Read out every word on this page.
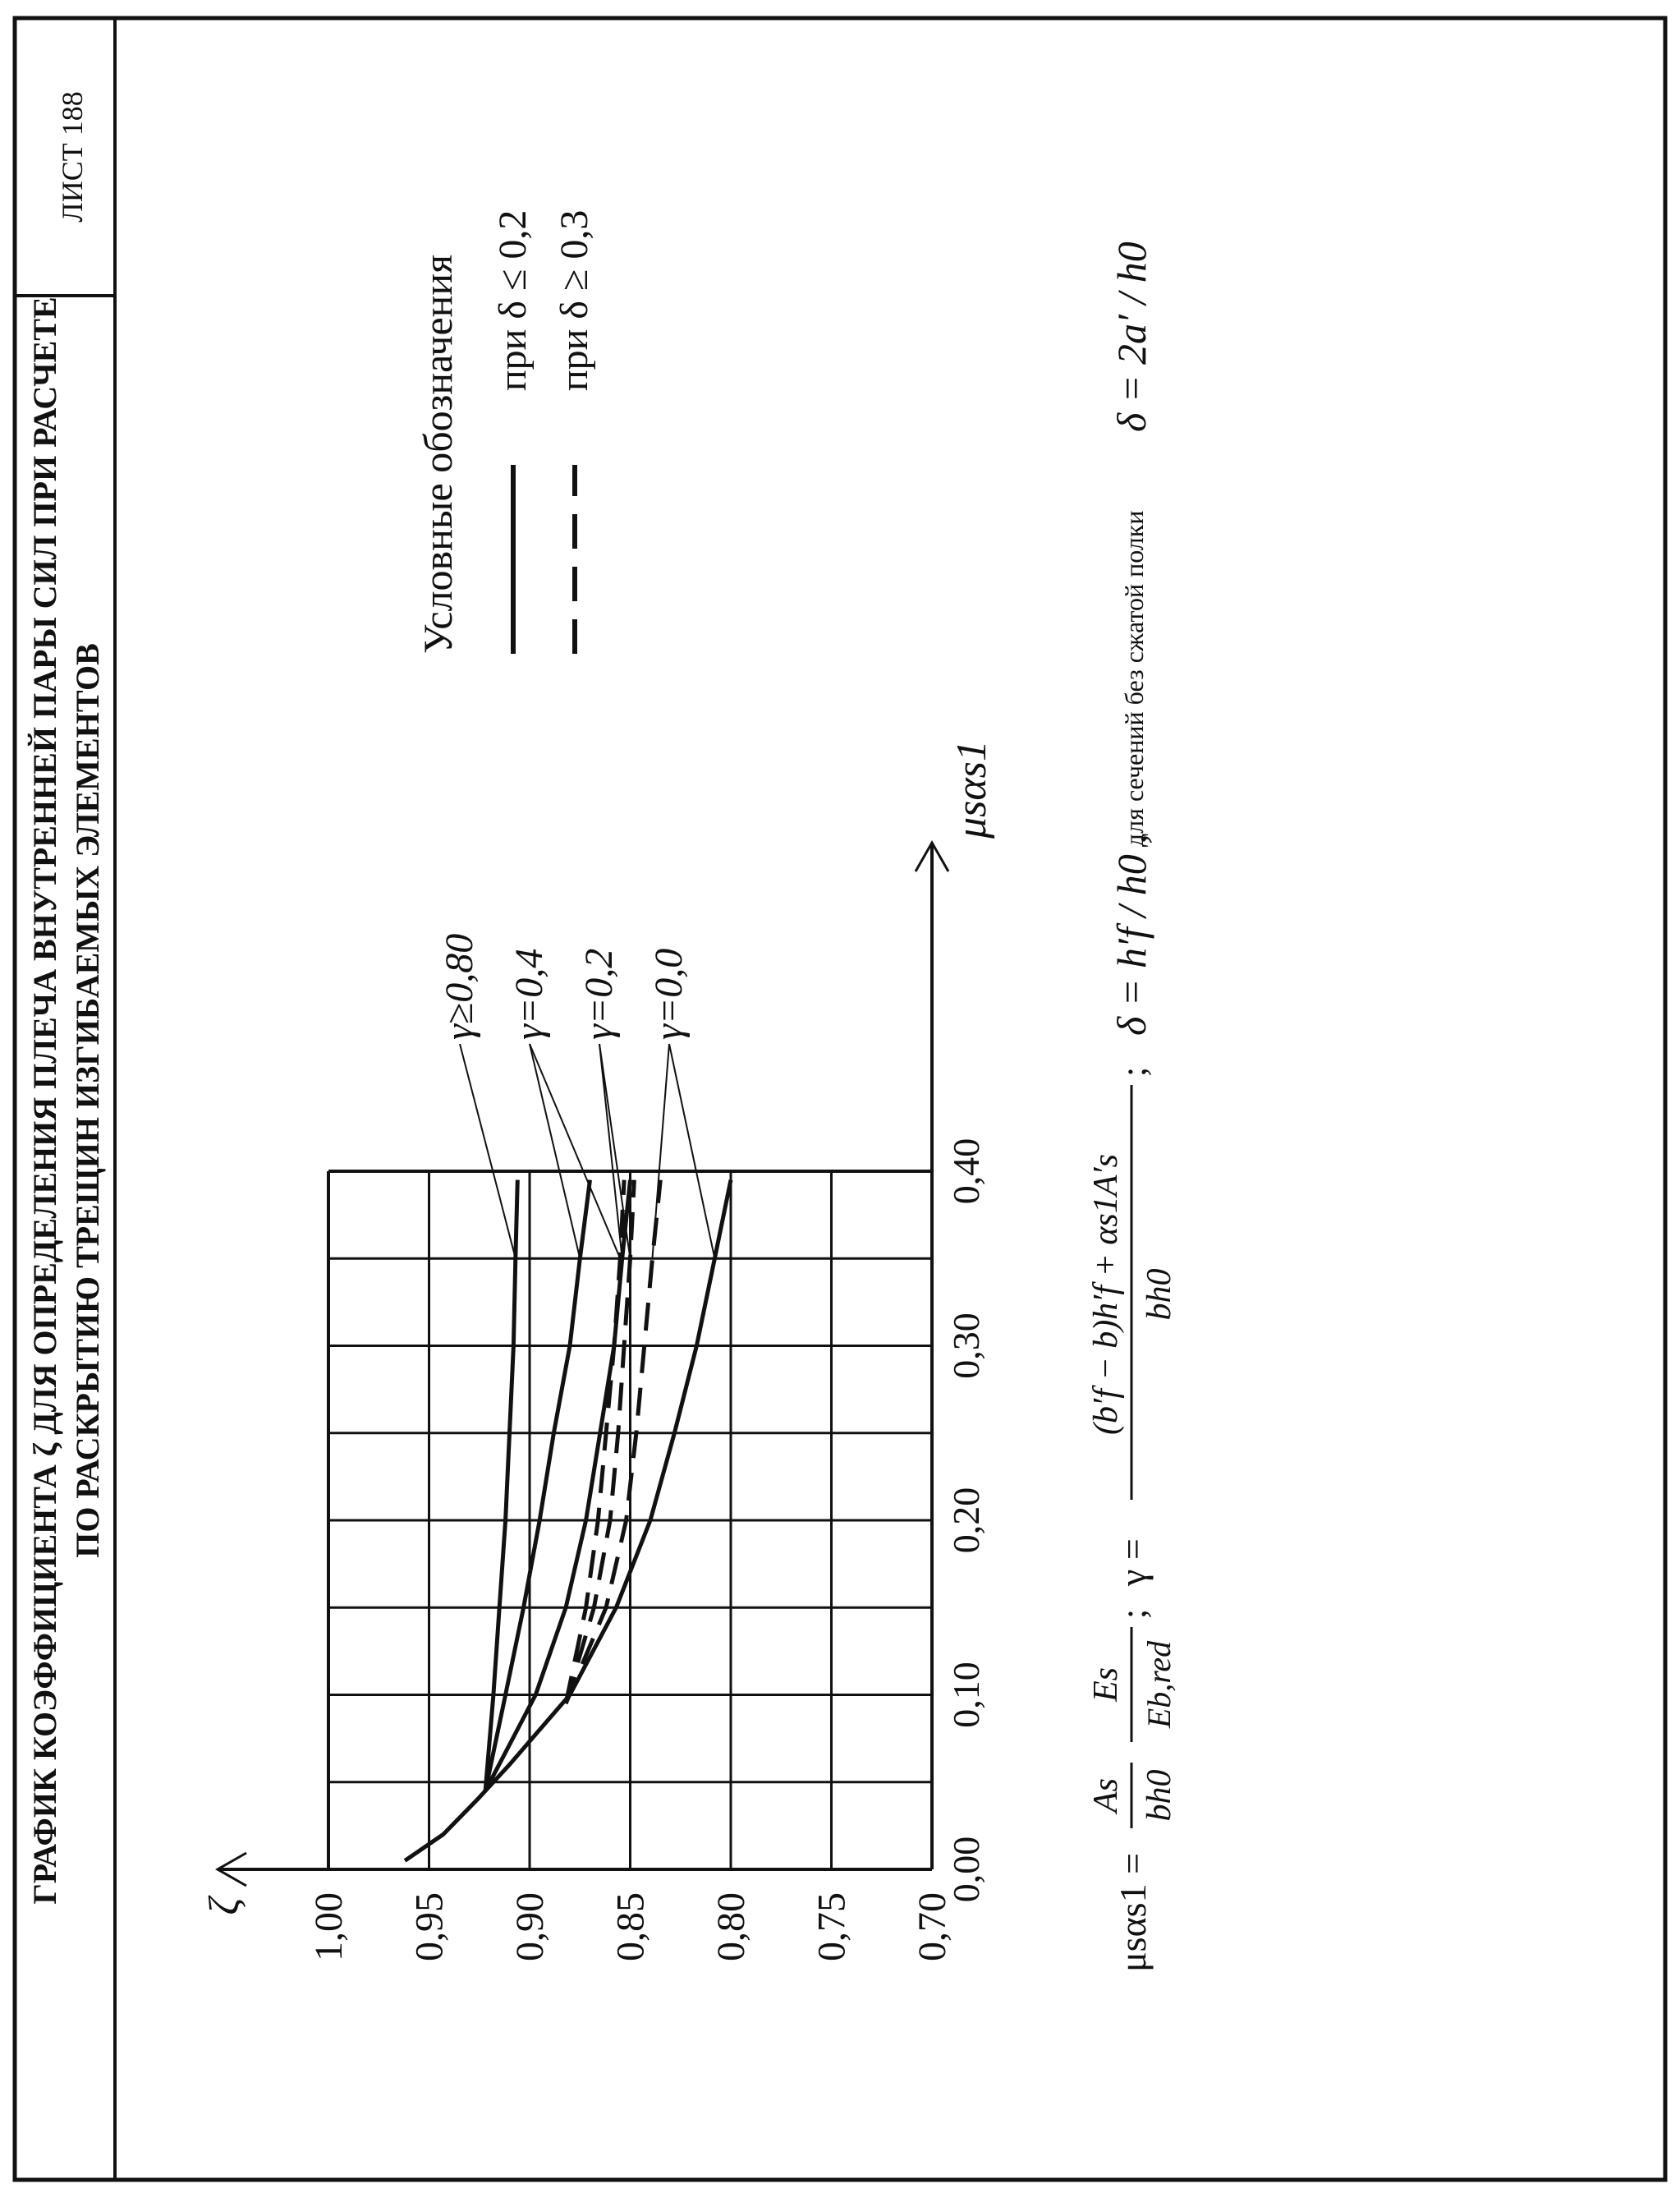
ГРАФИК КОЭФФИЦИЕНТА ζ ДЛЯ ОПРЕДЕЛЕНИЯ ПЛЕЧА ВНУТРЕННЕЙ ПАРЫ СИЛ ПРИ РАСЧЕТЕ ПО РАСКРЫТИЮ ТРЕЩИН ИЗГИБАЕМЫХ ЭЛЕМЕНТОВ
ЛИСТ 188
1,00 0,95 0,90 0,85 0,80 0,75 0,70
0,00
0,10
0,20
0,30
0,40
ζ
μsαs1
γ≥0,80 γ=0,4 γ=0,2 γ=0,0
Условные обозначения при δ ≤ 0,2 при δ ≥ 0,3
μsαs1 =
As bh0
Es Eb,red
;
γ =
(b′f − b)h′f + αs1A′s bh0
;
δ = h′f / h0 ,
для сечений без сжатой полки
δ = 2a′ / h0
